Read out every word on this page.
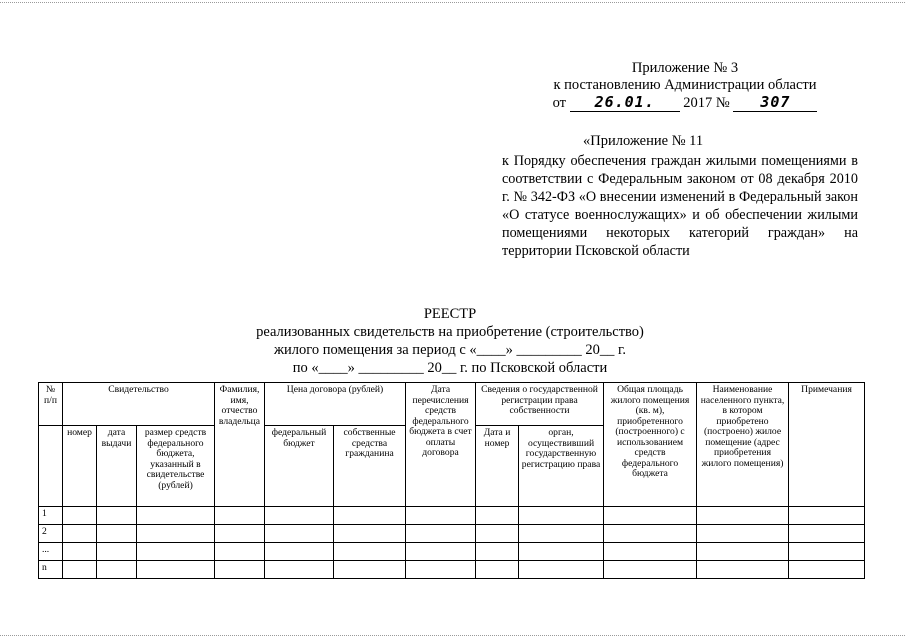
Приложение № 3
к постановлению Администрации области
от 26.01. 2017 № 307
«Приложение № 11
к Порядку обеспечения граждан жилыми помещениями в соответствии с Федеральным законом от 08 декабря 2010 г. № 342-ФЗ «О внесении изменений в Федеральный закон «О статусе военнослужащих» и об обеспечении жилыми помещениями некоторых категорий граждан» на территории Псковской области
РЕЕСТР
реализованных свидетельств на приобретение (строительство)
жилого помещения за период с «____» _________ 20__ г.
по «____» _________ 20__ г. по Псковской области
№ п/п	Свидетельство			Фамилия, имя, отчество владельца	Цена договора (рублей)		Дата перечисления средств федерального бюджета в счет оплаты договора	Сведения о государственной регистрации права собственности		Общая площадь жилого помещения (кв. м), приобретенного (построенного) с использованием средств федерального бюджета	Наименование населенного пункта, в котором приобретено (построено) жилое помещение (адрес приобретения жилого помещения)	Примечания
	номер	дата выдачи	размер средств федерального бюджета, указанный в свидетельстве (рублей)		федеральный бюджет	собственные средства гражданина		Дата и номер	орган, осуществивший государственную регистрацию права			
1												
2												
...												
n												
